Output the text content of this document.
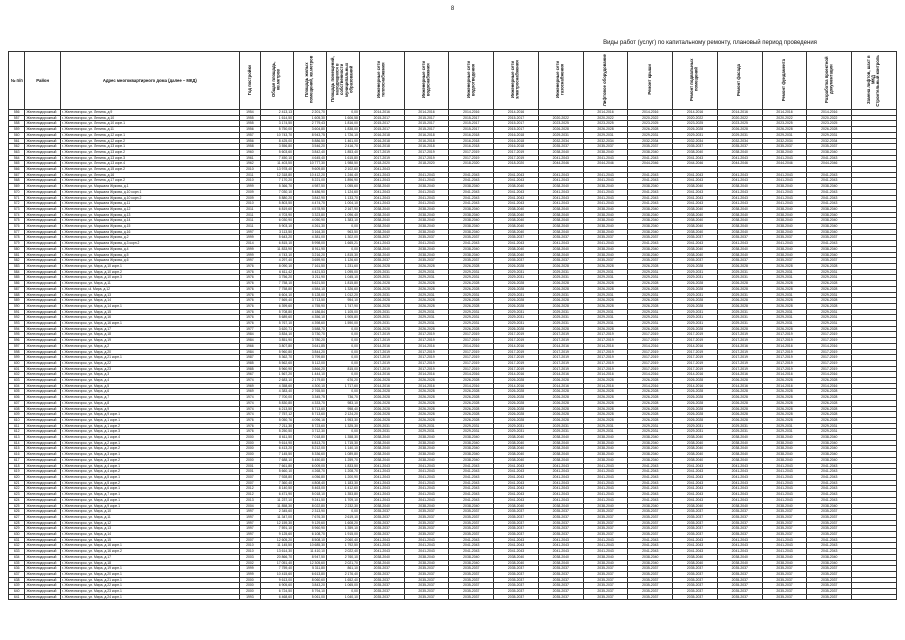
8
Виды работ (услуг) по капитальному ремонту, плановый период проведения
№ п/п	Район	Адрес многоквартирного дома (далее – МКД)	Год постройки	Общая площадь, кв.метров	Площадь жилых помещений, кв.метров	Площадь помещений, находящихся в собственности муниципальных образований	Инженерные сети теплоснабжения	Инженерные сети водоснабжения	Инженерные сети водоотведения	Инженерные сети электроснабжения	Инженерные сети газоснабжения	Лифтовое оборудование	Ремонт крыши	Ремонт подвальных помещений	Ремонт фасада	Ремонт фундамента	Разработка проектной документации	Замена лифтов, шахт в МКДСтроительный контроль
556	Железнодорожный	г. Железногорск, ул. Ленина, д.9	1954	2 413,13	2 201,70	0,00	2014-2016	2014-2016	2014-2016	2014-2016		2014-2016	2014-2016	2014-2016	2014-2016	2014-2016	2014-2016	
557	Железнодорожный	г. Железногорск, ул. Ленина, д.10	1955	1 614,50	1 605,30	1 606,58	2015-2017	2015-2017	2015-2017	2015-2017	2020-2022	2020-2022	2020-2022	2020-2022	2020-2022	2020-2022	2020-2022	
558	Железнодорожный	г. Железногорск, ул. Ленина, д.10 корп.1	1955	3 174,50	2 779,43	1 816,00	2015-2017	2015-2017	2015-2017	2015-2017	2023-2025	2023-2025	2023-2025	2023-2025	2023-2025	2023-2025	2023-2025	
559	Железнодорожный	г. Железногорск, ул. Ленина, д.11	1956	5 750,00	3 604,80	1 838,00	2015-2017	2015-2017	2015-2017	2015-2017	2026-2028	2026-2028	2026-2028	2026-2028	2026-2028	2026-2028	2026-2028	
560	Железнодорожный	г. Железногорск, ул. Ленина, д.12 корп.1	1957	10 743,70	8 943,75	1 726,10	2016-2018	2016-2018	2016-2018	2016-2018	2029-2031	2029-2031	2029-2031	2029-2031	2029-2031	2029-2031	2029-2031	
561	Железнодорожный	г. Железногорск, ул. Ленина, д.12 корп.2	1956	8 425,00	5 886,50	1 461,00	2016-2018	2016-2018	2016-2018	2016-2018	2032-2034	2032-2034	2032-2034	2032-2034	2032-2034	2032-2034	2032-2034	
562	Железнодорожный	г. Железногорск, ул. Ленина, д.13 корп.1	1958	3 556,80	3 546,20	2 416,70	2016-2018	2016-2018	2016-2018	2016-2018	2035-2037	2035-2037	2035-2037	2035-2037	2035-2037	2035-2037	2035-2037	
563	Железнодорожный	г. Железногорск, ул. Ленина, д.13 корп.2	1960	5 603,60	3 842,40	1 853,40	2017-2019	2017-2019	2017-2019	2017-2019	2038-2040	2038-2040	2038-2040	2038-2040	2038-2040	2038-2040	2038-2040	
564	Железнодорожный	г. Железногорск, ул. Ленина, д.13 корп.3	1961	7 450,10	4 645,40	1 615,80	2017-2019	2017-2019	2017-2019	2017-2019	2041-2043	2041-2043	2041-2043	2041-2043	2041-2043	2041-2043	2041-2043	
565	Железнодорожный	г. Железногорск, ул. Ленина, д.13 корп.4	1962	11 403,50	10 777,30	1 988,50	2018-2020	2018-2020	2018-2020	2018-2020	2044-2046	2044-2046	2044-2046	2044-2046	2044-2046	2044-2046	2044-2046	
566	Железнодорожный	г. Железногорск, ул. Ленина, д.15 корп.2	2010	13 978,40	9 609,80	2 102,60	2041-2043											
567	Железнодорожный	г. Железногорск, ул. Ленина, д.16	2011	12 318,80	10 412,20	1 246,40	2041-2043	2041-2043	2041-2043	2041-2043	2041-2043	2041-2043	2041-2043	2041-2043	2041-2043	2041-2043	2041-2043	
568	Железнодорожный	г. Железногорск, ул. Ленина, д.17 корп.2	2010	7 170,20	5 221,00	1 896,90	2041-2043	2041-2043	2041-2043	2041-2043	2041-2043	2041-2043	2041-2043	2041-2043	2041-2043	2041-2043	2041-2043	
569	Железнодорожный	г. Железногорск, ул. Маршала Жукова, д.1	1999	5 366,70	4 987,50	1 055,60	2038-2040	2038-2040	2038-2040	2038-2040	2038-2040	2038-2040	2038-2040	2038-2040	2038-2040	2038-2040	2038-2040	
570	Железнодорожный	г. Железногорск, ул. Маршала Жукова, д.10 корп.1	2009	7 030,10	5 486,90	1 124,60	2041-2043	2041-2043	2041-2043	2041-2043	2041-2043	2041-2043	2041-2043	2041-2043	2041-2043	2041-2043	2041-2043	
571	Железнодорожный	г. Железногорск, ул. Маршала Жукова, д.10 корп.2	2009	5 880,20	3 842,90	1 133,70	2041-2043	2041-2043	2041-2043	2041-2043	2041-2043	2041-2043	2041-2043	2041-2043	2041-2043	2041-2043	2041-2043	
572	Железнодорожный	г. Железногорск, ул. Маршала Жукова, д.11	2010	5 803,50	4 474,70	1 004,10	2041-2043	2041-2043	2041-2043	2041-2043	2041-2043	2041-2043	2041-2043	2041-2043	2041-2043	2041-2043	2041-2043	
573	Железнодорожный	г. Железногорск, ул. Маршала Жукова, д.12	2011	6 819,60	4 578,90	2 167,90	2038-2040	2038-2040	2038-2040	2038-2040	2038-2040	2038-2040	2038-2040	2038-2040	2038-2040	2038-2040	2038-2040	
574	Железнодорожный	г. Железногорск, ул. Маршала Жукова, д.13	2011	4 703,90	3 323,80	1 096,40	2038-2040	2038-2040	2038-2040	2038-2040	2038-2040	2038-2040	2038-2040	2038-2040	2038-2040	2038-2040	2038-2040	
575	Железнодорожный	г. Железногорск, ул. Маршала Жукова, д.14	2011	6 030,90	4 050,90	1 383,10	2038-2040	2038-2040	2038-2040	2038-2040	2038-2040	2038-2040	2038-2040	2038-2040	2038-2040	2038-2040	2038-2040	
576	Железнодорожный	г. Железногорск, ул. Маршала Жукова, д.15	2011	5 903,10	4 261,30	0,00	2038-2040	2038-2040	2038-2040	2038-2040	2038-2040	2038-2040	2038-2040	2038-2040	2038-2040	2038-2040	2038-2040	
577	Железнодорожный	г. Железногорск, ул. Маршала Жукова, д.16	1997	3 113,50	3 164,30	963,50	2038-2040	2038-2040	2038-2040	2038-2040	2038-2040	2038-2040	2038-2040	2038-2040	2038-2040	2038-2040	2038-2040	
578	Железнодорожный	г. Железногорск, ул. Маршала Жукова, д.2	1999	5 643,20	4 381,00	1 302,00	2035-2037	2035-2037	2035-2037	2035-2037	2035-2037	2035-2037	2035-2037	2035-2037	2035-2037	2035-2037	2035-2037	
579	Железнодорожный	г. Железногорск, ул. Маршала Жукова, д.3 корп.2	2014	6 815,10	5 998,00	1 665,21	2041-2043	2041-2043	2041-2043	2041-2043	2041-2043	2041-2043	2041-2043	2041-2043	2041-2043	2041-2043	2041-2043	
580	Железнодорожный	г. Железногорск, ул. Маршала Жукова, д.4	1999	11 833,90	8 911,90	0,00	2038-2040	2038-2040	2038-2040	2038-2040	2038-2040	2038-2040	2038-2040	2038-2040	2038-2040	2038-2040	2038-2040	
581	Железнодорожный	г. Железногорск, ул. Маршала Жукова, д.5	1999	4 743,10	3 216,20	1 815,30	2038-2040	2038-2040	2038-2040	2038-2040	2038-2040	2038-2040	2038-2040	2038-2040	2038-2040	2038-2040	2038-2040	
582	Железнодорожный	г. Железногорск, ул. Маршала Жукова, д.6	1997	4 297,40	3 659,90	1 126,60	2035-2037	2035-2037	2035-2037	2035-2037	2035-2037	2035-2037	2035-2037	2035-2037	2035-2037	2035-2037	2035-2037	
583	Железнодорожный	г. Железногорск, ул. Мира, д.10 корп.1	1976	8 090,10	7 161,50	1 231,60	2026-2028	2026-2028	2026-2028	2026-2028	2026-2028	2026-2028	2026-2028	2026-2028	2026-2028	2026-2028	2026-2028	
584	Железнодорожный	г. Железногорск, ул. Мира, д.10 корп.2	1976	6 611,42	4 421,53	1 095,00	2029-2031	2029-2031	2029-2031	2029-2031	2029-2031	2029-2031	2029-2031	2029-2031	2029-2031	2029-2031	2029-2031	
585	Железнодорожный	г. Железногорск, ул. Мира, д.10 корп.3	1976	3 756,20	3 211,90	1 045,10	2029-2031	2029-2031	2029-2031	2029-2031	2029-2031	2029-2031	2029-2031	2029-2031	2029-2031	2029-2031	2029-2031	
586	Железнодорожный	г. Железногорск, ул. Мира, д.11	1976	7 758,10	5 621,50	1 815,80	2026-2028	2026-2028	2026-2028	2026-2028	2026-2028	2026-2028	2026-2028	2026-2028	2026-2028	2026-2028	2026-2028	
587	Железнодорожный	г. Железногорск, ul. Мира, д.12	1976	7 758,80	4 584,10	1 326,60	2026-2028	2026-2028	2026-2028	2026-2028	2026-2028	2026-2028	2026-2028	2026-2028	2026-2028	2026-2028	2026-2028	
588	Железнодорожный	г. Железногорск, ул. Мира, д.13	1976	6 604,10	5 128,00	1 012,20	2029-2031	2029-2031	2029-2031	2029-2031	2029-2031	2029-2031	2029-2031	2029-2031	2029-2031	2029-2031	2029-2031	
589	Железнодорожный	г. Железногорск, ул. Мира, д.14	1976	7 569,40	3 713,50	954,10	2026-2028	2026-2028	2026-2028	2026-2028	2026-2028	2026-2028	2026-2028	2026-2028	2026-2028	2026-2028	2026-2028	
590	Железнодорожный	г. Железногорск, ул. Мира, д.14 корп.1	1976	6 399,60	4 755,90	1 747,90	2026-2028	2026-2028	2026-2028	2026-2028	2026-2028	2026-2028	2026-2028	2026-2028	2026-2028	2026-2028	2026-2028	
591	Железнодорожный	г. Железногорск, ул. Мира, д.15	1976	5 708,80	4 186,84	1 105,00	2029-2031	2029-2031	2029-2031	2029-2031	2029-2031	2029-2031	2029-2031	2029-2031	2029-2031	2029-2031	2029-2031	
592	Железнодорожный	г. Железногорск, ул. Мира, д.16	1976	5 689,60	4 356,10	1 905,80	2029-2031	2029-2031	2029-2031	2029-2031	2029-2031	2029-2031	2029-2031	2029-2031	2029-2031	2029-2031	2029-2031	
593	Железнодорожный	г. Железногорск, ул. Мира, д.16 корп.1	1976	5 767,10	4 398,60	1 590,00	2029-2031	2029-2031	2029-2031	2029-2031	2029-2031	2029-2031	2029-2031	2029-2031	2029-2031	2029-2031	2029-2031	
594	Железнодорожный	г. Железногорск, ул. Мира, д.17	1977	3 620,71	3 588,70	0,00	2026-2028	2026-2028	2026-2028	2026-2028	2026-2028	2026-2028	2026-2028	2026-2028	2026-2028	2026-2028	2026-2028	
595	Железнодорожный	г. Железногорск, ул. Мира, д.18	1984	3 834,10	3 730,70	0,00	2017-2019	2017-2019	2017-2019	2017-2019	2017-2019	2017-2019	2017-2019	2017-2019	2017-2019	2017-2019	2017-2019	
596	Железнодорожный	г. Железногорск, ул. Мира, д.19	1984	3 851,90	3 780,20	0,00	2017-2019	2017-2019	2017-2019	2017-2019	2017-2019	2017-2019	2017-2019	2017-2019	2017-2019	2017-2019	2017-2019	
597	Железнодорожный	г. Железногорск, ул. Мира, д.2	1966	3 807,80	3 641,85	0,00	2014-2016	2014-2016	2014-2016	2014-2016	2014-2016	2014-2016	2014-2016	2014-2016	2014-2016	2014-2016	2014-2016	
598	Железнодорожный	г. Железногорск, ул. Мира, д.20	1984	5 960,80	3 844,20	0,00	2017-2019	2017-2019	2017-2019	2017-2019	2017-2019	2017-2019	2017-2019	2017-2019	2017-2019	2017-2019	2017-2019	
599	Железнодорожный	г. Железногорск, ул. Мира, д.21 корп.1	1987	5 362,70	3 799,80	0,00	2017-2019	2017-2019	2017-2019	2017-2019	2017-2019	2017-2019	2017-2019	2017-2019	2017-2019	2017-2019	2017-2019	
600	Железнодорожный	г. Железногорск, ул. Мира, д.22	1985	5 562,60	5 112,00	0,00	2017-2019	2017-2019	2017-2019	2017-2019	2017-2019	2017-2019	2017-2019	2017-2019	2017-2019	2017-2019	2017-2019	
601	Железнодорожный	г. Железногорск, ул. Мира, д.23	1985	5 960,90	3 866,20	815,00	2017-2019	2017-2019	2017-2019	2017-2019	2017-2019	2017-2019	2017-2019	2017-2019	2017-2019	2017-2019	2017-2019	
602	Железнодорожный	г. Железногорск, ул. Мира, д.3	1967	1 567,20	1 444,10	0,00	2014-2016	2014-2016	2014-2016	2014-2016	2014-2016	2014-2016	2014-2016	2014-2016	2014-2016	2014-2016	2014-2016	
603	Железнодорожный	г. Железногорск, ул. Мира, д.4	1974	2 683,10	2 179,80	676,20	2026-2028	2026-2028	2026-2028	2026-2028	2026-2028	2026-2028	2026-2028	2026-2028	2026-2028	2026-2028	2026-2028	
604	Железнодорожный	г. Железногорск, ул. Мира, д.5	1969	4 358,60	4 300,10	1 717,60	2014-2016	2014-2016	2014-2016	2014-2016	2014-2016	2014-2016	2014-2016	2014-2016	2014-2016	2014-2016	2014-2016	
605	Железнодорожный	г. Железногорск, ул. Мира, д.6	1969	4 383,40	2 765,50	0,00	2026-2028	2026-2028	2026-2028	2026-2028	2026-2028	2026-2028	2026-2028	2026-2028	2026-2028	2026-2028	2026-2028	
606	Железнодорожный	г. Железногорск, ул. Мира, д.7	1974	7 700,00	3 345,75	736,70	2026-2028	2026-2028	2026-2028	2026-2028	2026-2028	2026-2028	2026-2028	2026-2028	2026-2028	2026-2028	2026-2028	
607	Железнодорожный	г. Железногорск, ул. Мира, д.8	1974	5 830,80	4 333,70	983,10	2026-2028	2026-2028	2026-2028	2026-2028	2026-2028	2026-2028	2026-2028	2026-2028	2026-2028	2026-2028	2026-2028	
608	Железнодорожный	г. Железногорск, ул. Мира, д.9	1974	6 213,50	5 713,60	958,40	2026-2028	2026-2028	2026-2028	2026-2028	2026-2028	2026-2028	2026-2028	2026-2028	2026-2028	2026-2028	2026-2028	
609	Железнодорожный	г. Железногорск, ул. Мира, д.9 корп.1	1974	7 757,12	5 713,60	2 124,20	2026-2028	2026-2028	2026-2028	2026-2028	2026-2028	2026-2028	2026-2028	2026-2028	2026-2028	2026-2028	2026-2028	
610	Железнодорожный	г. Железногорск, ул. Мира, д.1 корп.1	1976	5 050,76	4 096,16	1 953,30	2026-2028	2026-2028	2026-2028	2026-2028	2026-2028	2026-2028	2026-2028	2026-2028	2026-2028	2026-2028	2026-2028	
611	Железнодорожный	г. Железногорск, ул. Мира, д.1 корп.2	1976	7 211,30	5 723,60	1 325,30	2029-2031	2029-2031	2029-2031	2029-2031	2029-2031	2029-2031	2029-2031	2029-2031	2029-2031	2029-2031	2029-2031	
612	Железнодорожный	г. Железногорск, ул. Мира, д.1 корп.3	1976	5 250,50	3 712,30	0,00	2029-2031	2029-2031	2029-2031	2029-2031	2029-2031	2029-2031	2029-2031	2029-2031	2029-2031	2029-2031	2029-2031	
613	Железнодорожный	г. Железногорск, ул. Мира, д.1 корп.4	2000	8 611,50	7 018,80	1 358,30	2038-2040	2038-2040	2038-2040	2038-2040	2038-2040	2038-2040	2038-2040	2038-2040	2038-2040	2038-2040	2038-2040	
614	Железнодорожный	г. Железногорск, ул. Мира, д.2 корп.1	2000	9 614,90	6 813,70	1 715,30	2038-2040	2038-2040	2038-2040	2038-2040	2038-2040	2038-2040	2038-2040	2038-2040	2038-2040	2038-2040	2038-2040	
615	Железнодорожный	г. Железногорск, ул. Мира, д.2 корп.2	2000	6 413,20	5 212,00	1 140,10	2038-2040	2038-2040	2038-2040	2038-2040	2038-2040	2038-2040	2038-2040	2038-2040	2038-2040	2038-2040	2038-2040	
616	Железнодорожный	г. Железногорск, ул. Мира, д.3 корп.1	2000	7 145,50	5 336,60	1 089,80	2038-2040	2038-2040	2038-2040	2038-2040	2038-2040	2038-2040	2038-2040	2038-2040	2038-2040	2038-2040	2038-2040	
617	Железнодорожный	г. Железногорск, ул. Мира, д.3 корп.2	2000	7 688,10	5 450,80	1 259,70	2038-2040	2038-2040	2038-2040	2038-2040	2038-2040	2038-2040	2038-2040	2038-2040	2038-2040	2038-2040	2038-2040	
618	Железнодорожный	г. Железногорск, ул. Мира, д.4 корп.1	2001	7 661,80	6 009,00	1 833,50	2041-2043	2041-2043	2041-2043	2041-2043	2041-2043	2041-2043	2041-2043	2041-2043	2041-2043	2041-2043	2041-2043	
619	Железнодорожный	г. Железногорск, ул. Мира, д.4 корп.2	2001	5 660,10	4 268,70	1 208,70	2041-2043	2041-2043	2041-2043	2041-2043	2041-2043	2041-2043	2041-2043	2041-2043	2041-2043	2041-2043	2041-2043	
620	Железнодорожный	г. Железногорск, ул. Мира, д.5 корп.1	2007	7 928,80	4 056,80	1 200,90	2041-2043	2041-2043	2041-2043	2041-2043	2041-2043	2041-2043	2041-2043	2041-2043	2041-2043	2041-2043	2041-2043	
621	Железнодорожный	г. Железногорск, ул. Мира, д.5 корп.2	2007	7 360,40	4 808,40	1 183,30	2041-2043	2041-2043	2041-2043	2041-2043	2041-2043	2041-2043	2041-2043	2041-2043	2041-2043	2041-2043	2041-2043	
622	Железнодорожный	г. Железногорск, ул. Мира, д.6 корп.1	2012	8 140,50	5 463,00	1 412,60	2041-2043	2041-2043	2041-2043	2041-2043	2041-2043	2041-2043	2041-2043	2041-2043	2041-2043	2041-2043	2041-2043	
623	Железнодорожный	г. Железногорск, ул. Мира, д.7 корп.1	2012	6 471,90	5 018,10	1 353,80	2041-2043	2041-2043	2041-2043	2041-2043	2041-2043	2041-2043	2041-2043	2041-2043	2041-2043	2041-2043	2041-2043	
624	Железнодорожный	г. Железногорск, ул. Мира, д.8 корп.1	2013	11 237,10	9 241,50	1 709,10	2041-2043	2041-2043	2041-2043	2041-2043	2041-2043	2041-2043	2041-2043	2041-2043	2041-2043	2041-2043	2041-2043	
625	Железнодорожный	г. Железногорск, ул. Мира, д.9 корп.1	2004	11 858,30	8 022,80	2 232,30	2038-2040	2038-2040	2038-2040	2038-2040	2038-2040	2038-2040	2038-2040	2038-2040	2038-2040	2038-2040	2038-2040	
626	Железнодорожный	г. Железногорск, ул. Мира, д.10	1997	2 345,60	2 313,90	0,00	2035-2037	2035-2037	2035-2037	2035-2037	2035-2037	2035-2037	2035-2037	2035-2037	2035-2037	2035-2037	2035-2037	
627	Железнодорожный	г. Железногорск, ул. Мира, д.11	1997	11 347,00	7 676,30	2 619,10	2035-2037	2035-2037	2035-2037	2035-2037	2035-2037	2035-2037	2035-2037	2035-2037	2035-2037	2035-2037	2035-2037	
628	Железнодорожный	г. Железногорск, ул. Мира, д.12	1997	12 159,30	9 129,60	1 608,20	2035-2037	2035-2037	2035-2037	2035-2037	2035-2037	2035-2037	2035-2037	2035-2037	2035-2037	2035-2037	2035-2037	
629	Железнодорожный	г. Железногорск, ул. Мира, д.13	1997	7 591,10	5 960,90	1 359,10	2035-2037	2035-2037	2035-2037	2035-2037	2035-2037	2035-2037	2035-2037	2035-2037	2035-2037	2035-2037	2035-2037	
630	Железнодорожный	г. Железногорск, ул. Мира, д.14	1997	9 125,60	6 108,70	1 915,00	2035-2037	2035-2037	2035-2037	2035-2037	2035-2037	2035-2037	2035-2037	2035-2037	2035-2037	2035-2037	2035-2037	
631	Железнодорожный	г. Железногорск, ул. Мира, д.15	2007	12 605,20	8 508,10	2 060,40	2041-2043	2041-2043	2041-2043	2041-2043	2041-2043	2041-2043	2041-2043	2041-2043	2041-2043	2041-2043	2041-2043	
632	Железнодорожный	г. Железногорск, ул. Мира, д.16 корп.1	2010	11 145,50	10 685,30	1 792,50	2041-2043	2041-2043	2041-2043	2041-2043	2041-2043	2041-2043	2041-2043	2041-2043	2041-2043	2041-2043	2041-2043	
633	Железнодорожный	г. Железногорск, ул. Мира, д.16 корп.2	2010	13 614,30	11 410,10	2 022,40	2041-2043	2041-2043	2041-2043	2041-2043	2041-2043	2041-2043	2041-2043	2041-2043	2041-2043	2041-2043	2041-2043	
634	Железнодорожный	г. Железногорск, ул. Мира, д.17	2003	20 866,70	8 947,50	2 760,10	2038-2040	2038-2040	2038-2040	2038-2040	2038-2040	2038-2040	2038-2040	2038-2040	2038-2040	2038-2040	2038-2040	
635	Железнодорожный	г. Железногорск, ул. Мира, д.18	2002	17 051,40	12 305,60	2 021,70	2038-2040	2038-2040	2038-2040	2038-2040	2038-2040	2038-2040	2038-2040	2038-2040	2038-2040	2038-2040	2038-2040	
636	Железнодорожный	г. Железногорск, ул. Мира, д.19 корп.1	1999	7 759,40	5 311,80	861,10	2035-2037	2035-2037	2035-2037	2035-2037	2035-2037	2035-2037	2035-2037	2035-2037	2035-2037	2035-2037	2035-2037	
637	Железнодорожный	г. Железногорск, ул. Мира, д.20 корп.1	1999	10 415,60	6 613,80	2 176,40	2035-2037	2035-2037	2035-2037	2035-2037	2035-2037	2035-2037	2035-2037	2035-2037	2035-2037	2035-2037	2035-2037	
638	Железнодорожный	г. Железногорск, ул. Мира, д.21 корп.1	2000	9 613,00	8 060,60	1 652,40	2035-2037	2035-2037	2035-2037	2035-2037	2035-2037	2035-2037	2035-2037	2035-2037	2035-2037	2035-2037	2035-2037	
639	Железнодорожный	г. Железногорск, ул. Мира, д.22 корп.1	2000	6 905,60	3 843,20	1 065,00	2035-2037	2035-2037	2035-2037	2035-2037	2035-2037	2035-2037	2035-2037	2035-2037	2035-2037	2035-2037	2035-2037	
640	Железнодорожный	г. Железногорск, ул. Мира, д.23 корп.1	2000	6 724,50	5 794,10	0,00	2035-2037	2035-2037	2035-2037	2035-2037	2035-2037	2035-2037	2035-2037	2035-2037	2035-2037	2035-2037	2035-2037	
641	Железнодорожный	г. Железногорск, ул. Мира, д.24 корп.1	1993	6 468,60	5 061,00	1 040,10	2035-2037	2035-2037	2035-2037	2035-2037	2035-2037	2035-2037	2035-2037	2035-2037	2035-2037	2035-2037	2035-2037	
